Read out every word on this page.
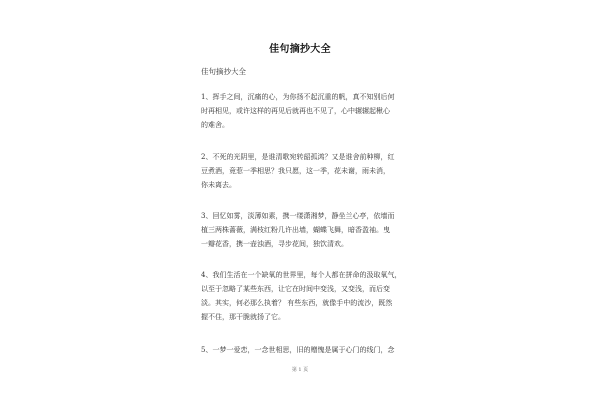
佳句摘抄大全
佳句摘抄大全

1、挥手之间，沉痛的心，为你扬不起沉重的帆，真不知别后何
时再相见，或许这样的再见后就再也不见了，心中辗辗起楸心
的难舍。

2、不死的光阴里，是谁清歌宛转韶孤鸿？又是谁舍前种柳，红
豆煮酒，竟惹一季相思？我只愿，这一季，花未谢，雨未消，
你未离去。

3、回忆如雾，淡薄如素，携一缕潇湘梦，静坐兰心亭，依墙而
植三两株蔷薇，满枝红粉几许出墙，蝴蝶飞舞，暗香盈袖。曳
一瓣花香，携一壶浊酒，寻步花间，独饮清欢。

4、我们生活在一个缺氧的世界里，每个人都在拼命的汲取氧气，
以至于忽略了某些东西，让它在时间中变浅，又变浅，而后变
淡。其实，何必那么执着？ 有些东西，就像手中的流沙，既然
握不住，那干脆就扬了它。

5、一梦一爱恋，一念世相思，旧的赠愧是属于心门的线门，念

第 1 页
